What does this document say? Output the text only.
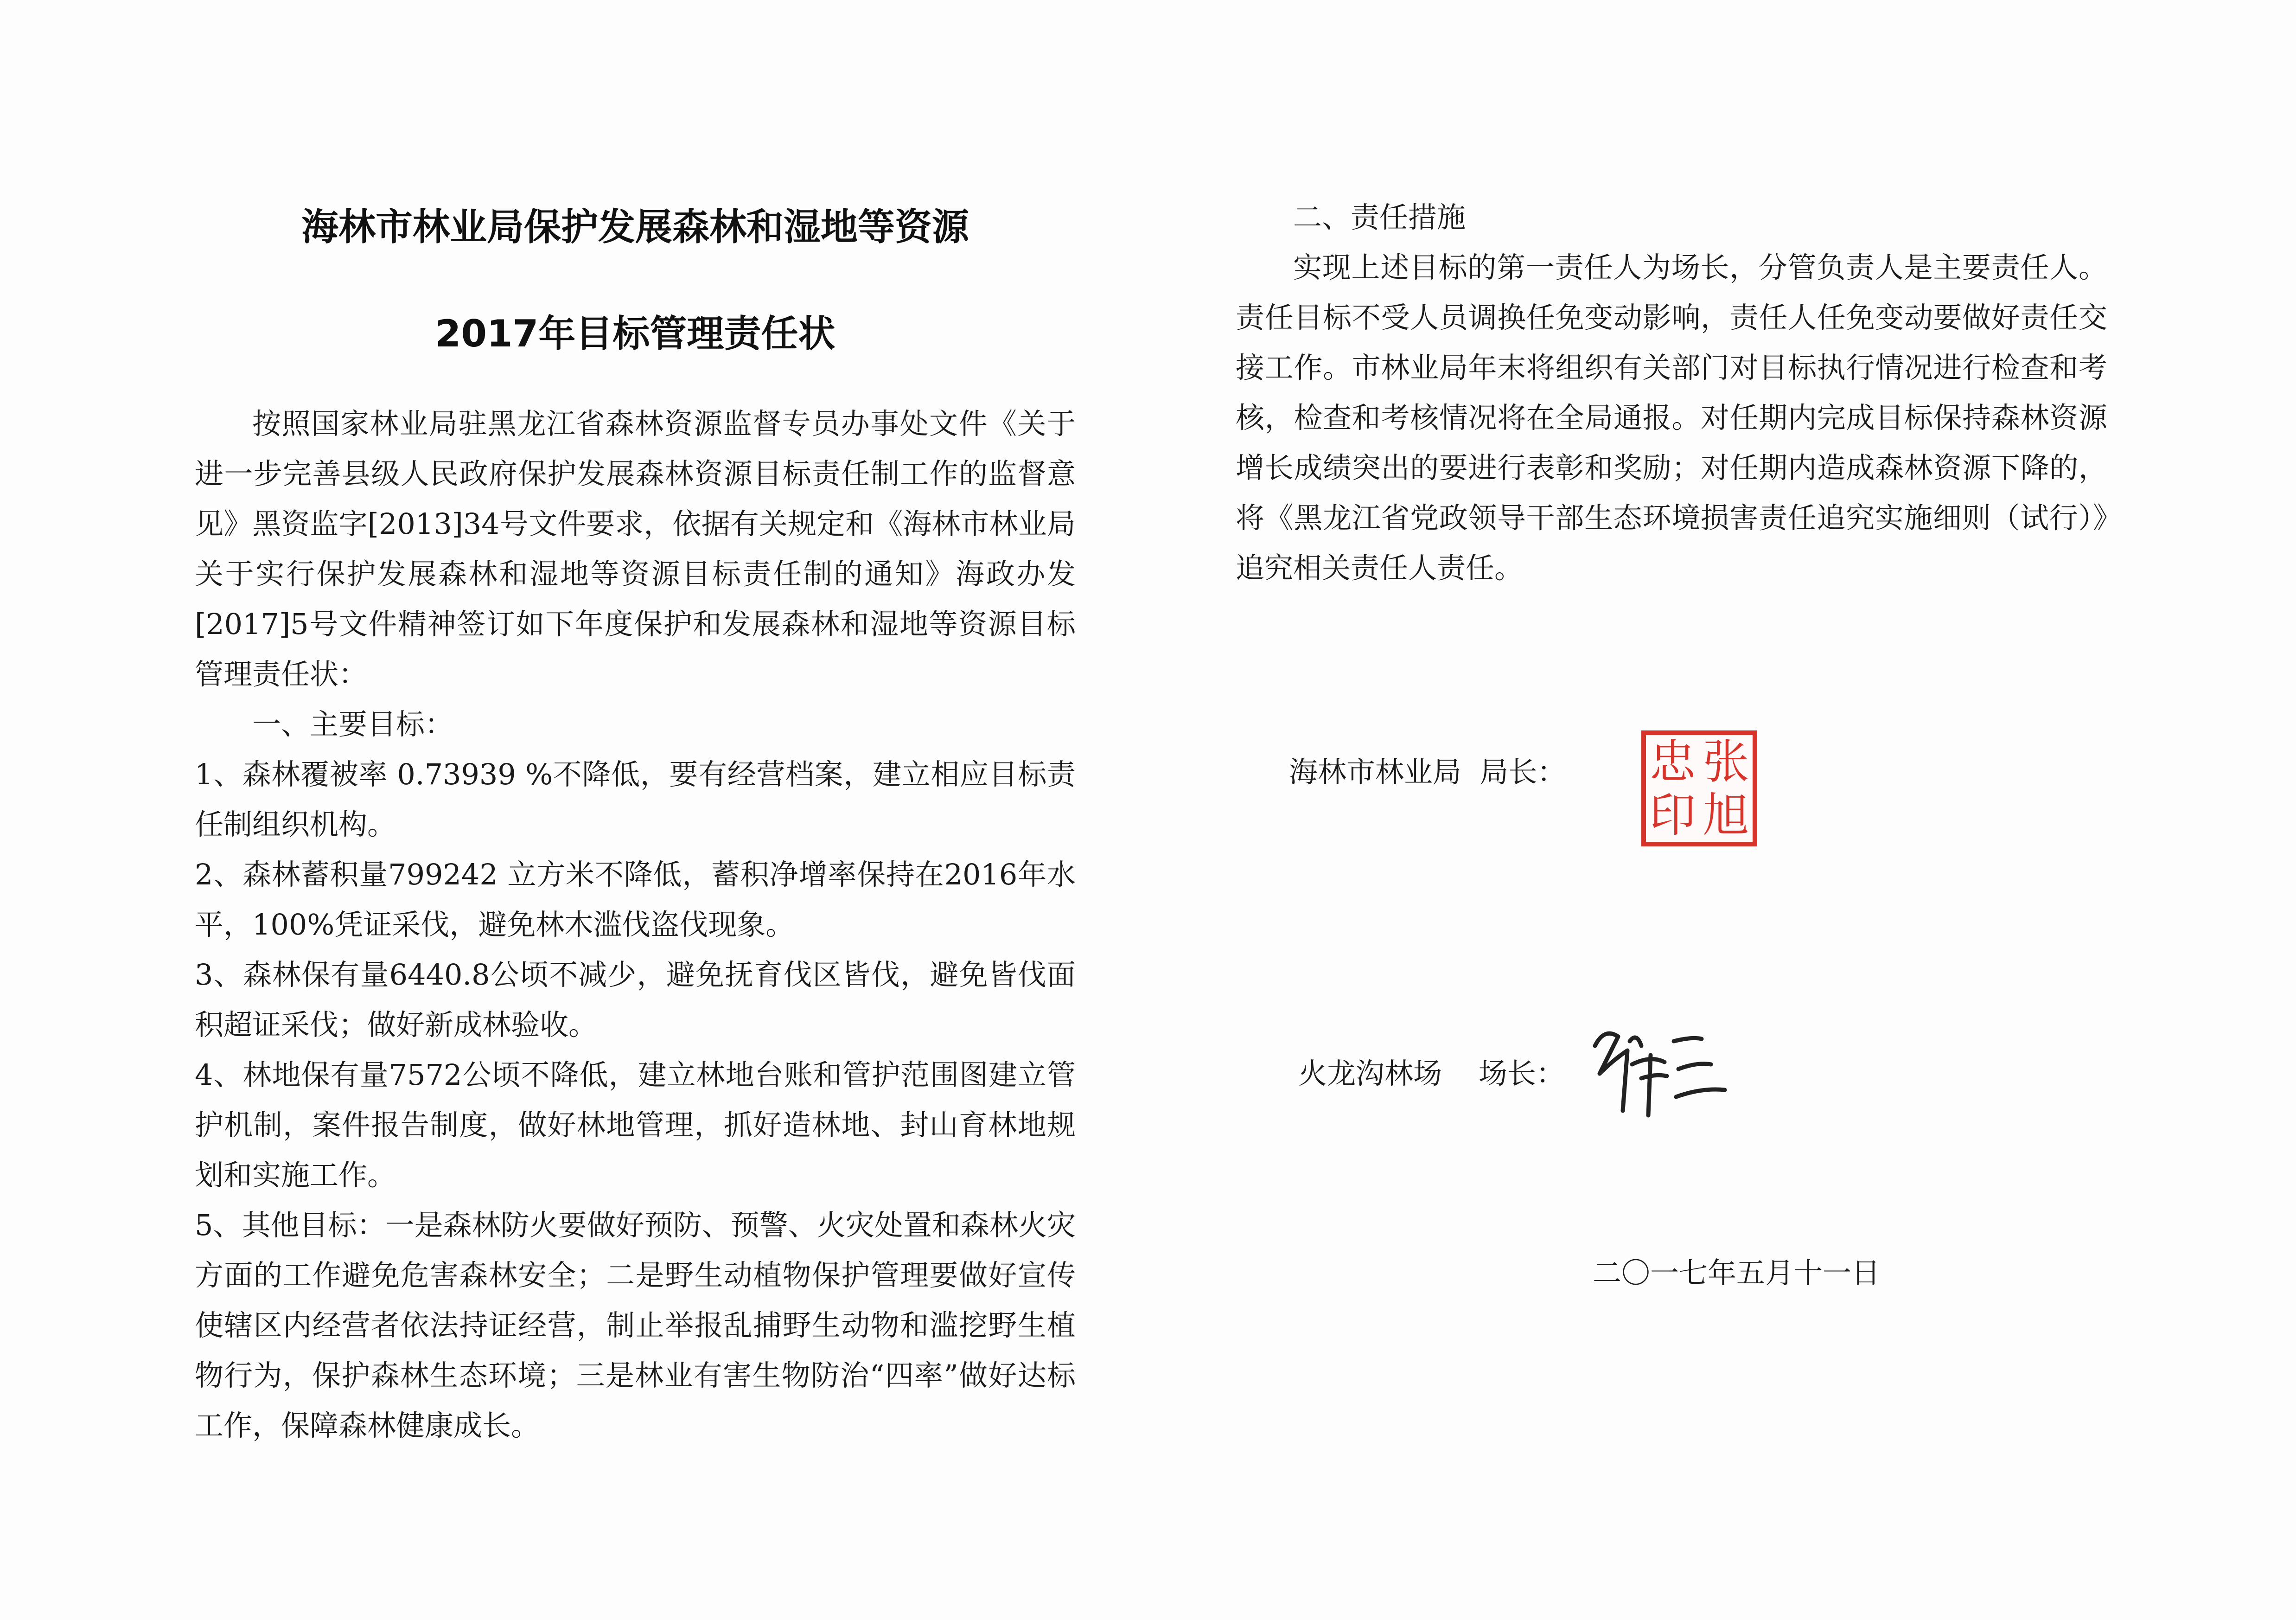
海林市林业局保护发展森林和湿地等资源
2017年目标管理责任状

按照国家林业局驻黑龙江省森林资源监督专员办事处文件《关于进一步完善县级人民政府保护发展森林资源目标责任制工作的监督意见》黑资监字[2013]34号文件要求，依据有关规定和《海林市林业局关于实行保护发展森林和湿地等资源目标责任制的通知》海政办发[2017]5号文件精神签订如下年度保护和发展森林和湿地等资源目标管理责任状：

一、主要目标：

1、森林覆被率 0.73939 %不降低，要有经营档案，建立相应目标责任制组织机构。

2、森林蓄积量799242 立方米不降低，蓄积净增率保持在2016年水平，100%凭证采伐，避免林木滥伐盗伐现象。

3、森林保有量6440.8公顷不减少，避免抚育伐区皆伐，避免皆伐面积超证采伐；做好新成林验收。

4、林地保有量7572公顷不降低，建立林地台账和管护范围图建立管护机制，案件报告制度，做好林地管理，抓好造林地、封山育林地规划和实施工作。

5、其他目标：一是森林防火要做好预防、预警、火灾处置和森林火灾方面的工作避免危害森林安全；二是野生动植物保护管理要做好宣传使辖区内经营者依法持证经营，制止举报乱捕野生动物和滥挖野生植物行为，保护森林生态环境；三是林业有害生物防治“四率”做好达标工作，保障森林健康成长。

二、责任措施

实现上述目标的第一责任人为场长，分管负责人是主要责任人。责任目标不受人员调换任免变动影响，责任人任免变动要做好责任交接工作。市林业局年末将组织有关部门对目标执行情况进行检查和考核，检查和考核情况将在全局通报。对任期内完成目标保持森林资源增长成绩突出的要进行表彰和奖励；对任期内造成森林资源下降的，将《黑龙江省党政领导干部生态环境损害责任追究实施细则（试行）》追究相关责任人责任。

海林市林业局  局长： 忠
印
张
旭
火龙沟林场    场长：
二〇一七年五月十一日
